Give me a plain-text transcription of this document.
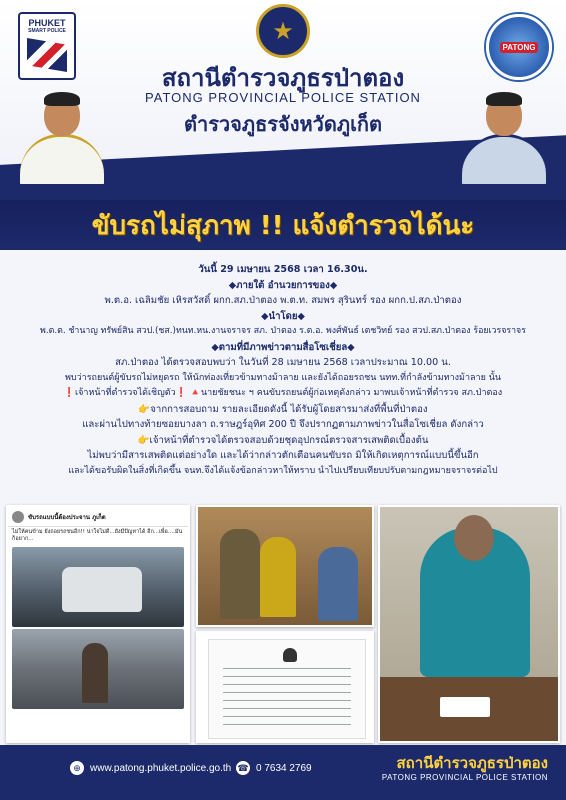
PHUKET
SMART POLICE	★
PATONG
สถานีตำรวจภูธรป่าตอง
PATONG PROVINCIAL POLICE STATION
ตำรวจภูธรจังหวัดภูเก็ต
งานจราจร สภ.ป่าตอง
ขับรถไม่สุภาพ !! แจ้งตำรวจได้นะ
วันนี้ 29 เมษายน 2568 เวลา 16.30น.
◆ภายใต้ อำนวยการของ◆
พ.ต.อ. เฉลิมชัย เหิรสวัสดิ์ ผกก.สภ.ป่าตอง พ.ต.ท. สมพร สุรินทร์ รอง ผกก.ป.สภ.ป่าตอง
◆นำโดย◆
พ.ต.ต. ชำนาญ ทรัพย์สิน สวป.(ชส.)ทนท.หน.งานจราจร สภ. ป่าตอง ร.ต.อ. พงศ์พันธ์ เตชวิทย์ รอง สวป.สภ.ป่าตอง ร้อยเวรจราจร
◆ตามที่มีภาพข่าวตามสื่อโซเชี่ยล◆
สภ.ป่าตอง ได้ตรวจสอบพบว่า ในวันที่ 28 เมษายน 2568 เวลาประมาณ 10.00 น.
พบว่ารถยนต์ผู้ขับรถไม่หยุดรถ ให้นักท่องเที่ยวข้ามทางม้าลาย และยังได้ถอยรถชน นทท.ที่กำลังข้ามทางม้าลาย นั้น
❗เจ้าหน้าที่ตำรวจได้เชิญตัว❗ 🔺นายชัยชนะ ฯ คนขับรถยนต์ผู้ก่อเหตุดังกล่าว มาพบเจ้าหน้าที่ตำรวจ สภ.ป่าตอง
👉จากการสอบถาม รายละเอียดดังนี้ ได้รับผู้โดยสารมาส่งที่พื้นที่ป่าตอง
และผ่านไปทางท้ายซอยบางลา ถ.ราษฎร์อุทิศ 200 ปี จึงปรากฏตามภาพข่าวในสื่อโซเชี่ยล ดังกล่าว
👉เจ้าหน้าที่ตำรวจได้ตรวจสอบด้วยชุดอุปกรณ์ตรวจสารเสพติดเบื้องต้น
ไม่พบว่ามีสารเสพติดแต่อย่างใด และได้ว่ากล่าวตักเตือนคนขับรถ มิให้เกิดเหตุการณ์แบบนี้ขึ้นอีก
และได้ขอรับผิดในสิ่งที่เกิดขึ้น จนท.จึงได้แจ้งข้อกล่าวหาให้ทราบ นำไปเปรียบเทียบปรับตามกฎหมายจราจรต่อไป
ขับรถแบบนี้ต้องประจาน ภูเก็ต
ไม่ให้คนข้าม ยังถอยรถชนอีก!! น่าใจไม่ดี...ยังมีปัญหาได้ อีก...เพื่อ....มันก็อยาก...
⊕ www.patong.phuket.police.go.th ☎ 0 7634 2769	สถานีตำรวจภูธรป่าตอง
PATONG PROVINCIAL POLICE STATION
